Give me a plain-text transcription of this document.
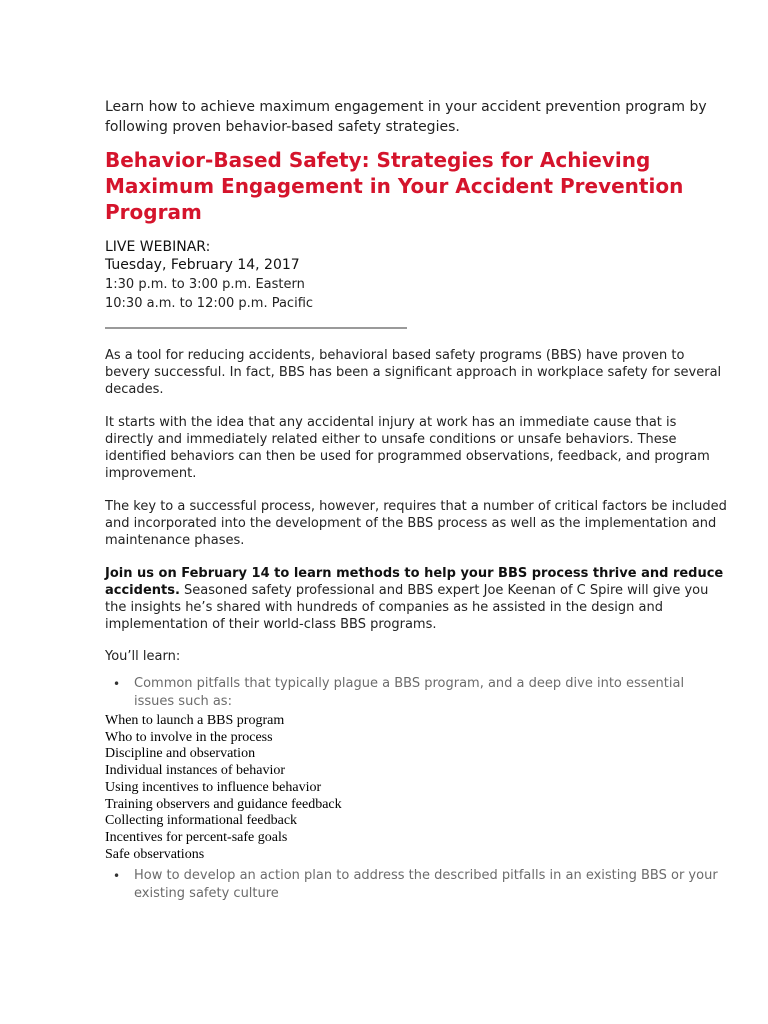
Learn how to achieve maximum engagement in your accident prevention program by following proven behavior-based safety strategies.

Behavior-Based Safety: Strategies for Achieving Maximum Engagement in Your Accident Prevention Program
LIVE WEBINAR:
Tuesday, February 14, 2017
1:30 p.m. to 3:00 p.m. Eastern
10:30 a.m. to 12:00 p.m. Pacific

As a tool for reducing accidents, behavioral based safety programs (BBS) have proven to bevery successful. In fact, BBS has been a significant approach in workplace safety for several decades.

It starts with the idea that any accidental injury at work has an immediate cause that is directly and immediately related either to unsafe conditions or unsafe behaviors. These identified behaviors can then be used for programmed observations, feedback, and program improvement.

The key to a successful process, however, requires that a number of critical factors be included and incorporated into the development of the BBS process as well as the implementation and maintenance phases.

Join us on February 14 to learn methods to help your BBS process thrive and reduce accidents. Seasoned safety professional and BBS expert Joe Keenan of C Spire will give you the insights he’s shared with hundreds of companies as he assisted in the design and implementation of their world-class BBS programs.

You’ll learn:

• Common pitfalls that typically plague a BBS program, and a deep dive into essential issues such as:
When to launch a BBS program
Who to involve in the process
Discipline and observation
Individual instances of behavior
Using incentives to influence behavior
Training observers and guidance feedback
Collecting informational feedback
Incentives for percent-safe goals
Safe observations
• How to develop an action plan to address the described pitfalls in an existing BBS or your existing safety culture
